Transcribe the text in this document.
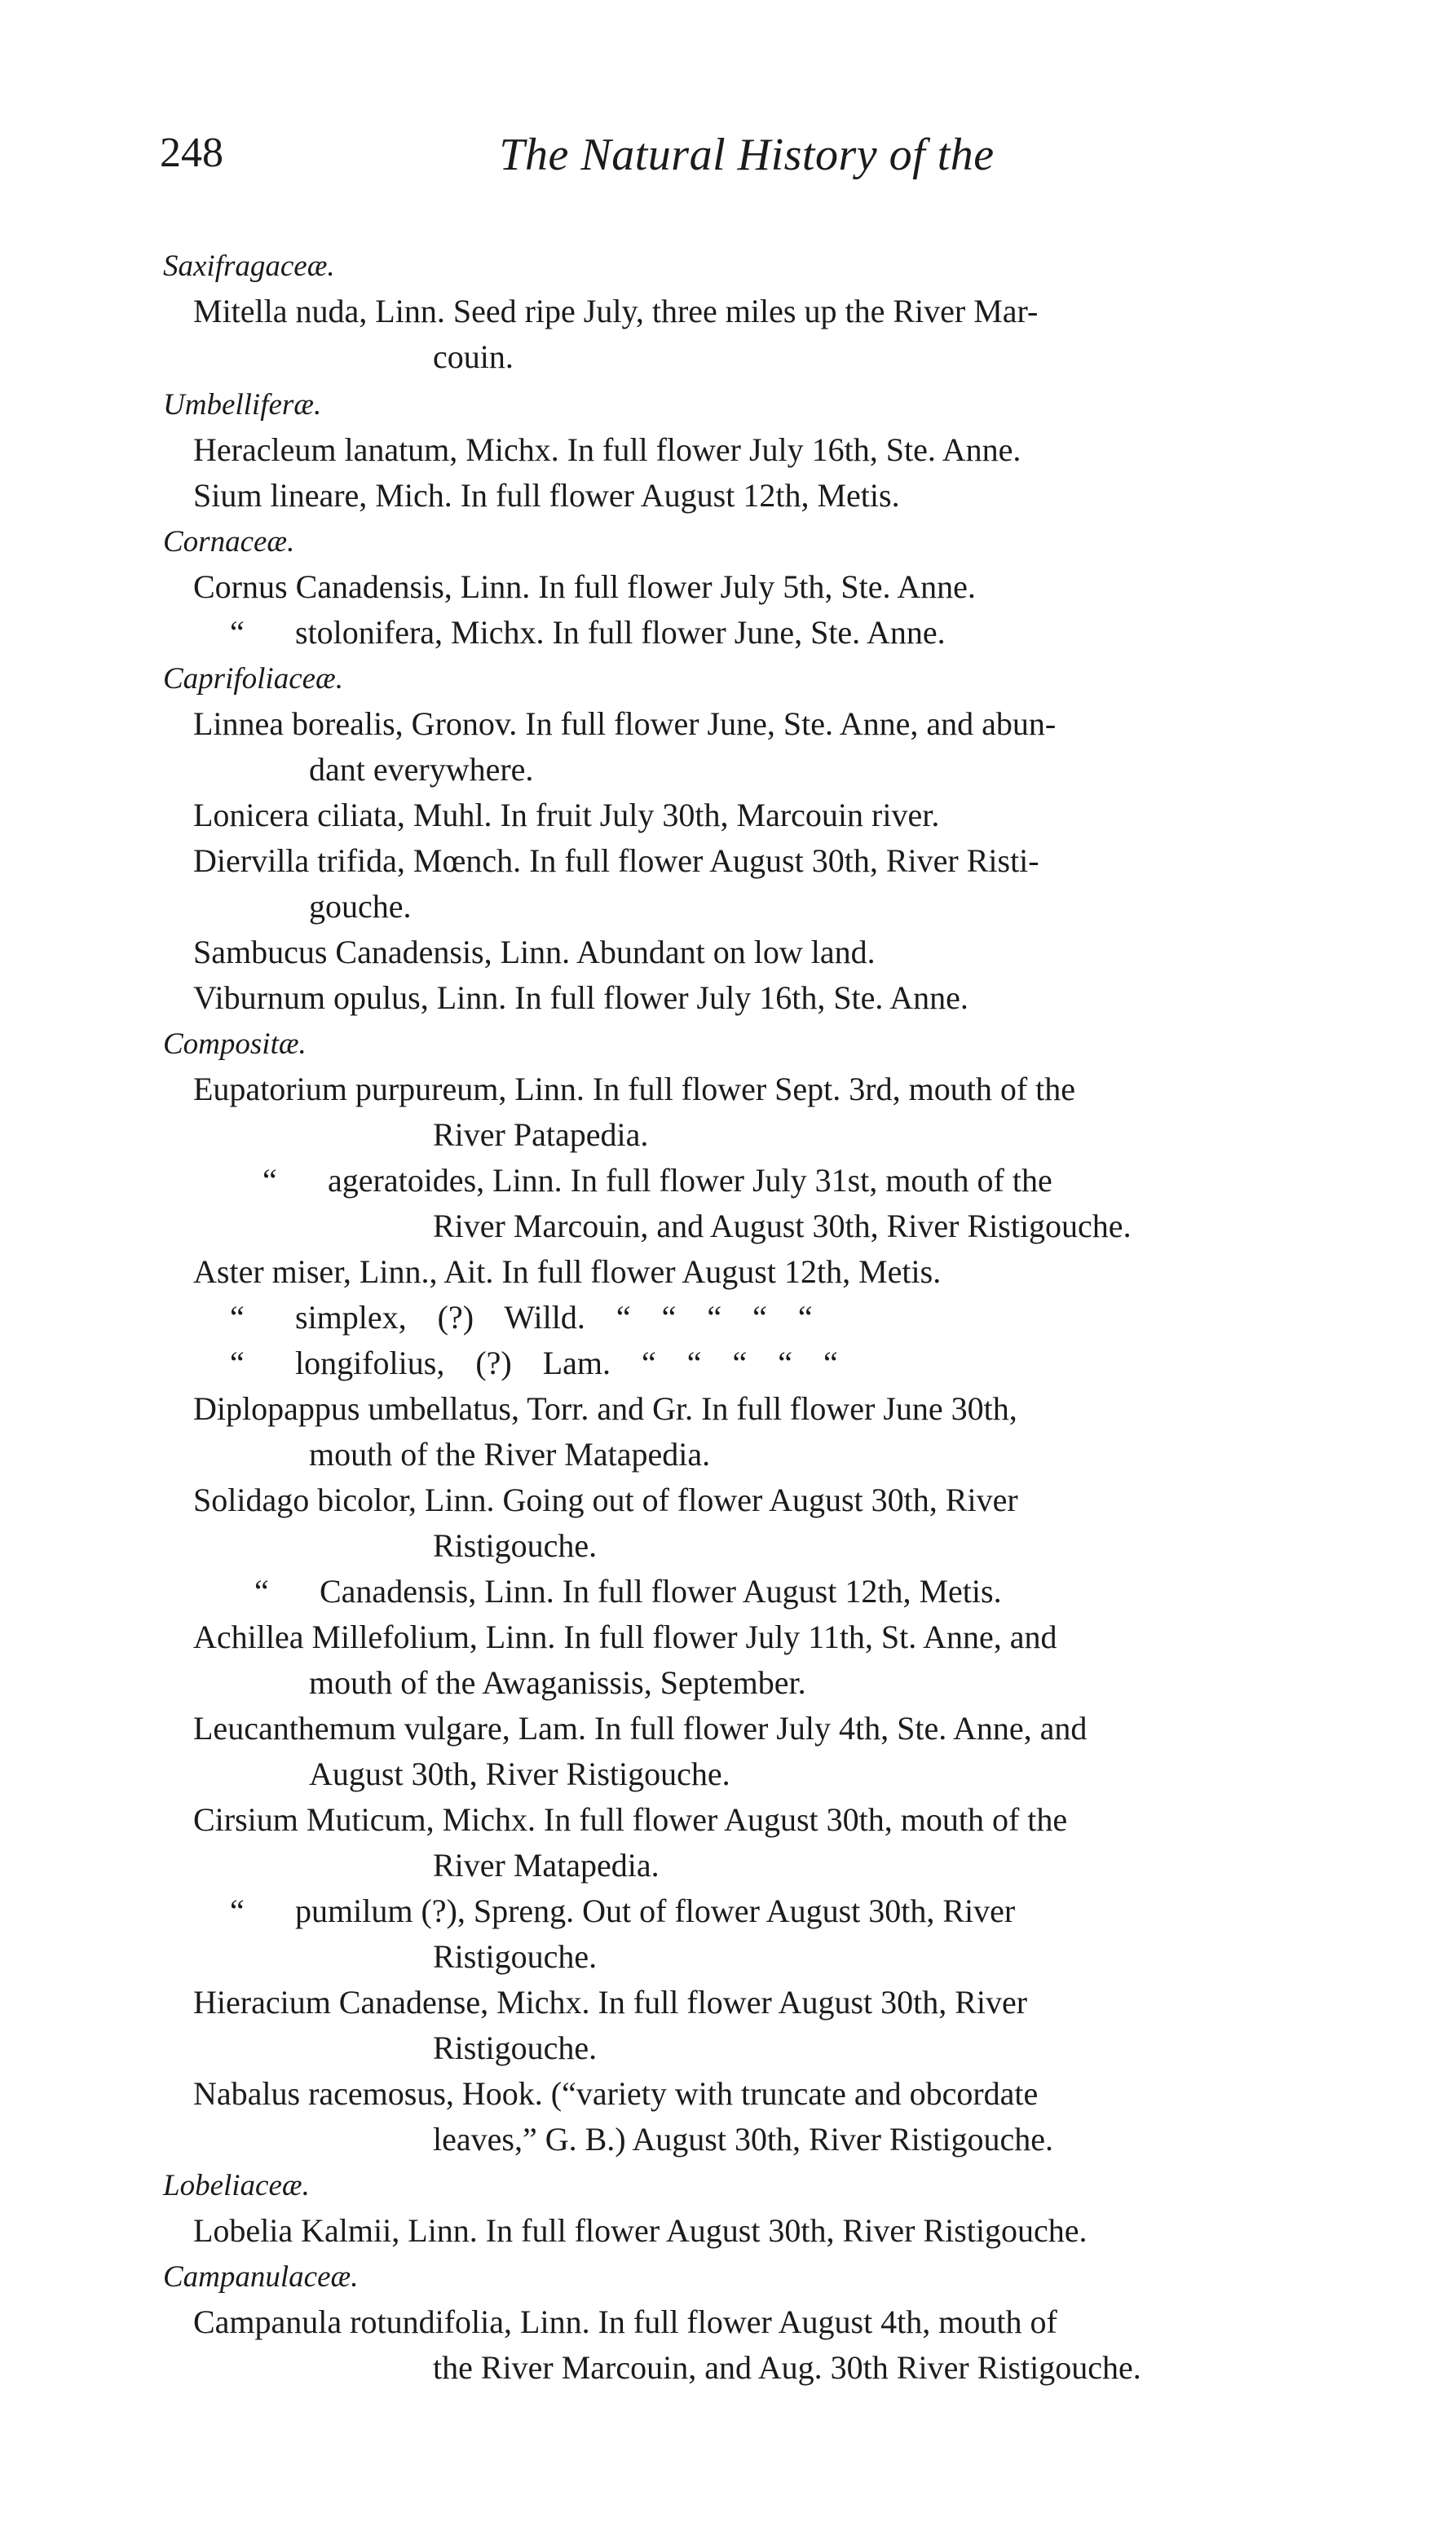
248	The Natural History of the
Saxifragaceæ.
Mitella nuda, Linn. Seed ripe July, three miles up the River Mar-
couin.
Umbelliferæ.
Heracleum lanatum, Michx. In full flower July 16th, Ste. Anne.
Sium lineare, Mich. In full flower August 12th, Metis.
Cornaceæ.
Cornus Canadensis, Linn. In full flower July 5th, Ste. Anne.
“ stolonifera, Michx. In full flower June, Ste. Anne.
Caprifoliaceæ.
Linnea borealis, Gronov. In full flower June, Ste. Anne, and abun-
dant everywhere.
Lonicera ciliata, Muhl. In fruit July 30th, Marcouin river.
Diervilla trifida, Mœnch. In full flower August 30th, River Risti-
gouche.
Sambucus Canadensis, Linn. Abundant on low land.
Viburnum opulus, Linn. In full flower July 16th, Ste. Anne.
Compositæ.
Eupatorium purpureum, Linn. In full flower Sept. 3rd, mouth of the
River Patapedia.
“ ageratoides, Linn. In full flower July 31st, mouth of the
River Marcouin, and August 30th, River Ristigouche.
Aster miser, Linn., Ait. In full flower August 12th, Metis.
“ simplex, (?) Willd. “ “ “ “ “
“ longifolius, (?) Lam. “ “ “ “ “
Diplopappus umbellatus, Torr. and Gr. In full flower June 30th,
mouth of the River Matapedia.
Solidago bicolor, Linn. Going out of flower August 30th, River
Ristigouche.
“ Canadensis, Linn. In full flower August 12th, Metis.
Achillea Millefolium, Linn. In full flower July 11th, St. Anne, and
mouth of the Awaganissis, September.
Leucanthemum vulgare, Lam. In full flower July 4th, Ste. Anne, and
August 30th, River Ristigouche.
Cirsium Muticum, Michx. In full flower August 30th, mouth of the
River Matapedia.
“ pumilum (?), Spreng. Out of flower August 30th, River
Ristigouche.
Hieracium Canadense, Michx. In full flower August 30th, River
Ristigouche.
Nabalus racemosus, Hook. (“variety with truncate and obcordate
leaves,” G. B.) August 30th, River Ristigouche.
Lobeliaceæ.
Lobelia Kalmii, Linn. In full flower August 30th, River Ristigouche.
Campanulaceæ.
Campanula rotundifolia, Linn. In full flower August 4th, mouth of
the River Marcouin, and Aug. 30th River Ristigouche.
